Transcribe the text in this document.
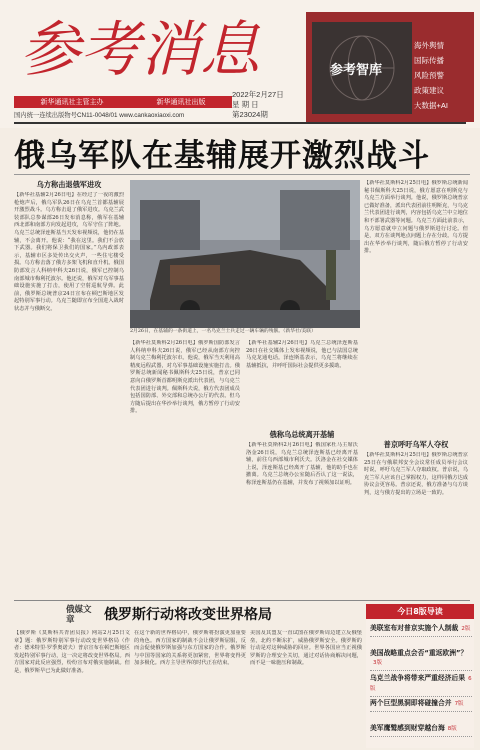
参考消息
新华通讯社主管主办	新华通讯社出版
2022年2月27日
星 期 日
第23024期
国内统一连续出版物号CN11-0048/01 www.cankaoxiaoxi.com
参考智库
海外舆情
国际传播
风险预警
政策建议
大数据+AI
俄乌军队在基辅展开激烈战斗
乌方称击退俄军进攻
【新华社基辅2月26日电】在经过了一夜的激烈枪炮声后，俄乌军队26日在乌克兰首都基辅展开激烈战斗。乌方称击退了俄军进攻。乌克兰武装部队总参谋部26日发布消息称，俄军在基辅西北部和南部方向发起进攻，乌军守住了阵地。乌克兰总统泽连斯基当天发布视频说，他仍在基辅，不会离开。他说：“我在这里。我们不会放下武器。我们将保卫我们的国家。”乌内政部表示，基辅市区多处传出交火声，一些住宅楼受损。乌方称击落了俄方多架飞机和直升机。俄国防部发言人科纳申科夫26日说，俄军已控制乌南部城市梅利托波尔。他还说，俄军对乌军事基础设施实施了打击，使用了空射巡航导弹。此前，俄罗斯总统普京24日宣布在顿巴斯地区发起特别军事行动。乌克兰随即宣布全国进入战时状态并与俄断交。
2月26日，在基辅的一条街道上，一名乌克兰士兵走过一辆车辆的残骸。（新华社/美联）
【新华社莫斯科2月26日电】俄罗斯国防部发言人科纳申科夫26日说，俄军已经从南部方向控制乌克兰梅利托波尔市。他说，俄军当天利用高精度远程武器，对乌军事基础设施实施打击。俄罗斯总统新闻秘书佩斯科夫25日说，普京已同意向白俄罗斯首都明斯克派出代表团，与乌克兰代表团进行谈判。佩斯科夫说，俄方代表团成员包括国防部、外交部和总统办公厅的代表。但乌方随后提出在华沙举行谈判，俄方暂停了行动安排。
【新华社基辅2月26日电】乌克兰总统泽连斯基26日在社交媒体上发布视频说，他已与法国总统马克龙通电话。泽连斯基表示，乌克兰将继续在基辅抵抗，并呼吁国际社会提供更多援助。
俄称乌总统离开基辅
【新华社莫斯科2月26日电】俄国家杜马主席沃洛金26日说，乌克兰总统泽连斯基已经离开基辅，前往乌西部城市利沃夫。沃洛金在社交媒体上说，泽连斯基已经离开了基辅，他的助手也在撤离。乌克兰总统办公室随后否认了这一说法，称泽连斯基仍在基辅，并发布了视频加以证明。
【新华社莫斯科2月25日电】俄罗斯总统新闻秘书佩斯科夫25日说，俄方愿意在明斯克与乌克兰方面举行谈判。他说，俄罗斯总统普京已做好准备，派出代表团前往明斯克，与乌克兰代表团进行谈判，内容包括乌克兰中立地位和不部署武器等问题。乌克兰方面此前表示，乌方愿意就中立问题与俄罗斯进行讨论。但是，双方在谈判地点问题上存在分歧。乌方提出在华沙举行谈判，随后俄方暂停了行动安排。
普京呼吁乌军人夺权
【新华社莫斯科2月25日电】俄罗斯总统普京25日在与俄联邦安全会议常任成员举行会议时说，呼吁乌克兰军人夺取政权。普京说，乌克兰军人应该自己掌握权力，这样同俄方达成协议会更容易。普京还说，俄方准备与乌方谈判，这与俄方提出的立场是一致的。
俄媒文章	俄罗斯行动将改变世界格局
【俄罗斯《莫斯科共青团员报》网站2月25日文章】题：俄罗斯特别军事行动改变世界格局（作者：德米特里·罗季奥诺夫）普京宣布在顿巴斯地区发起特别军事行动，这一决定将改变世界格局。西方国家对此反应强烈，纷纷宣布对俄实施制裁。但是，俄罗斯早已为此做好准备。
在这个新的世界格局中，俄罗斯将扮演更加重要的角色。西方国家的制裁不会让俄罗斯屈服，反而会促使俄罗斯加强与东方国家的合作。俄罗斯与中国等国家的关系将更加紧密，世界将变得更加多极化。西方主导世界的时代正在结束。
美国及其盟友一直试图在俄罗斯周边建立反俄堡垒，北约不断东扩，威胁俄罗斯安全。俄罗斯的行动是对这种威胁的回应。世界各国应当正视俄罗斯的合理安全关切，通过对话协商解决问题，而不是一味施压和制裁。
今日8版导读
美联室布对普京实施个人制裁 2版
美国战略重点会否“重返欧洲”？3版
乌克兰战争将带来严重经济后果 6版
两个巨型黑洞即将碰撞合并 7版
美军鹰鹫感到财穿越台海 8版
